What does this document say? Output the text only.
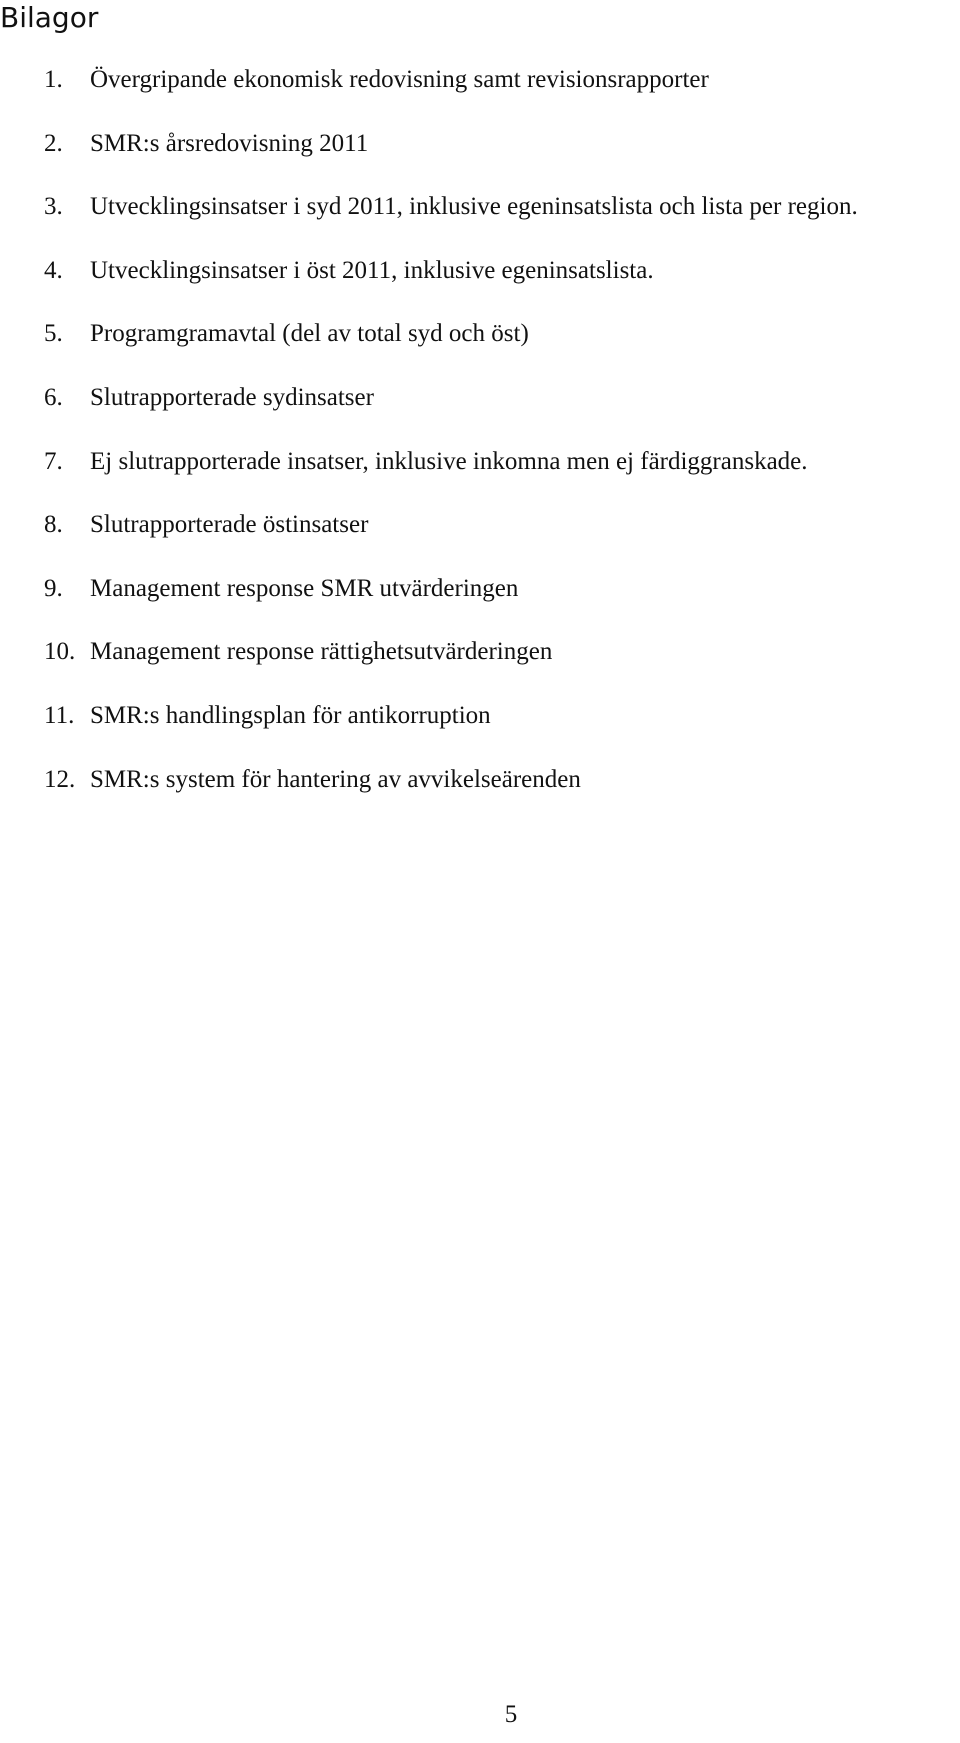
Bilagor
1. Övergripande ekonomisk redovisning samt revisionsrapporter
2. SMR:s årsredovisning 2011
3. Utvecklingsinsatser i syd 2011, inklusive egeninsatslista och lista per region.
4. Utvecklingsinsatser i öst 2011, inklusive egeninsatslista.
5. Programgramavtal (del av total syd och öst)
6. Slutrapporterade sydinsatser
7. Ej slutrapporterade insatser, inklusive inkomna men ej färdiggranskade.
8. Slutrapporterade östinsatser
9. Management response SMR utvärderingen
10. Management response rättighetsutvärderingen
11. SMR:s handlingsplan för antikorruption
12. SMR:s system för hantering av avvikelseärenden
5
